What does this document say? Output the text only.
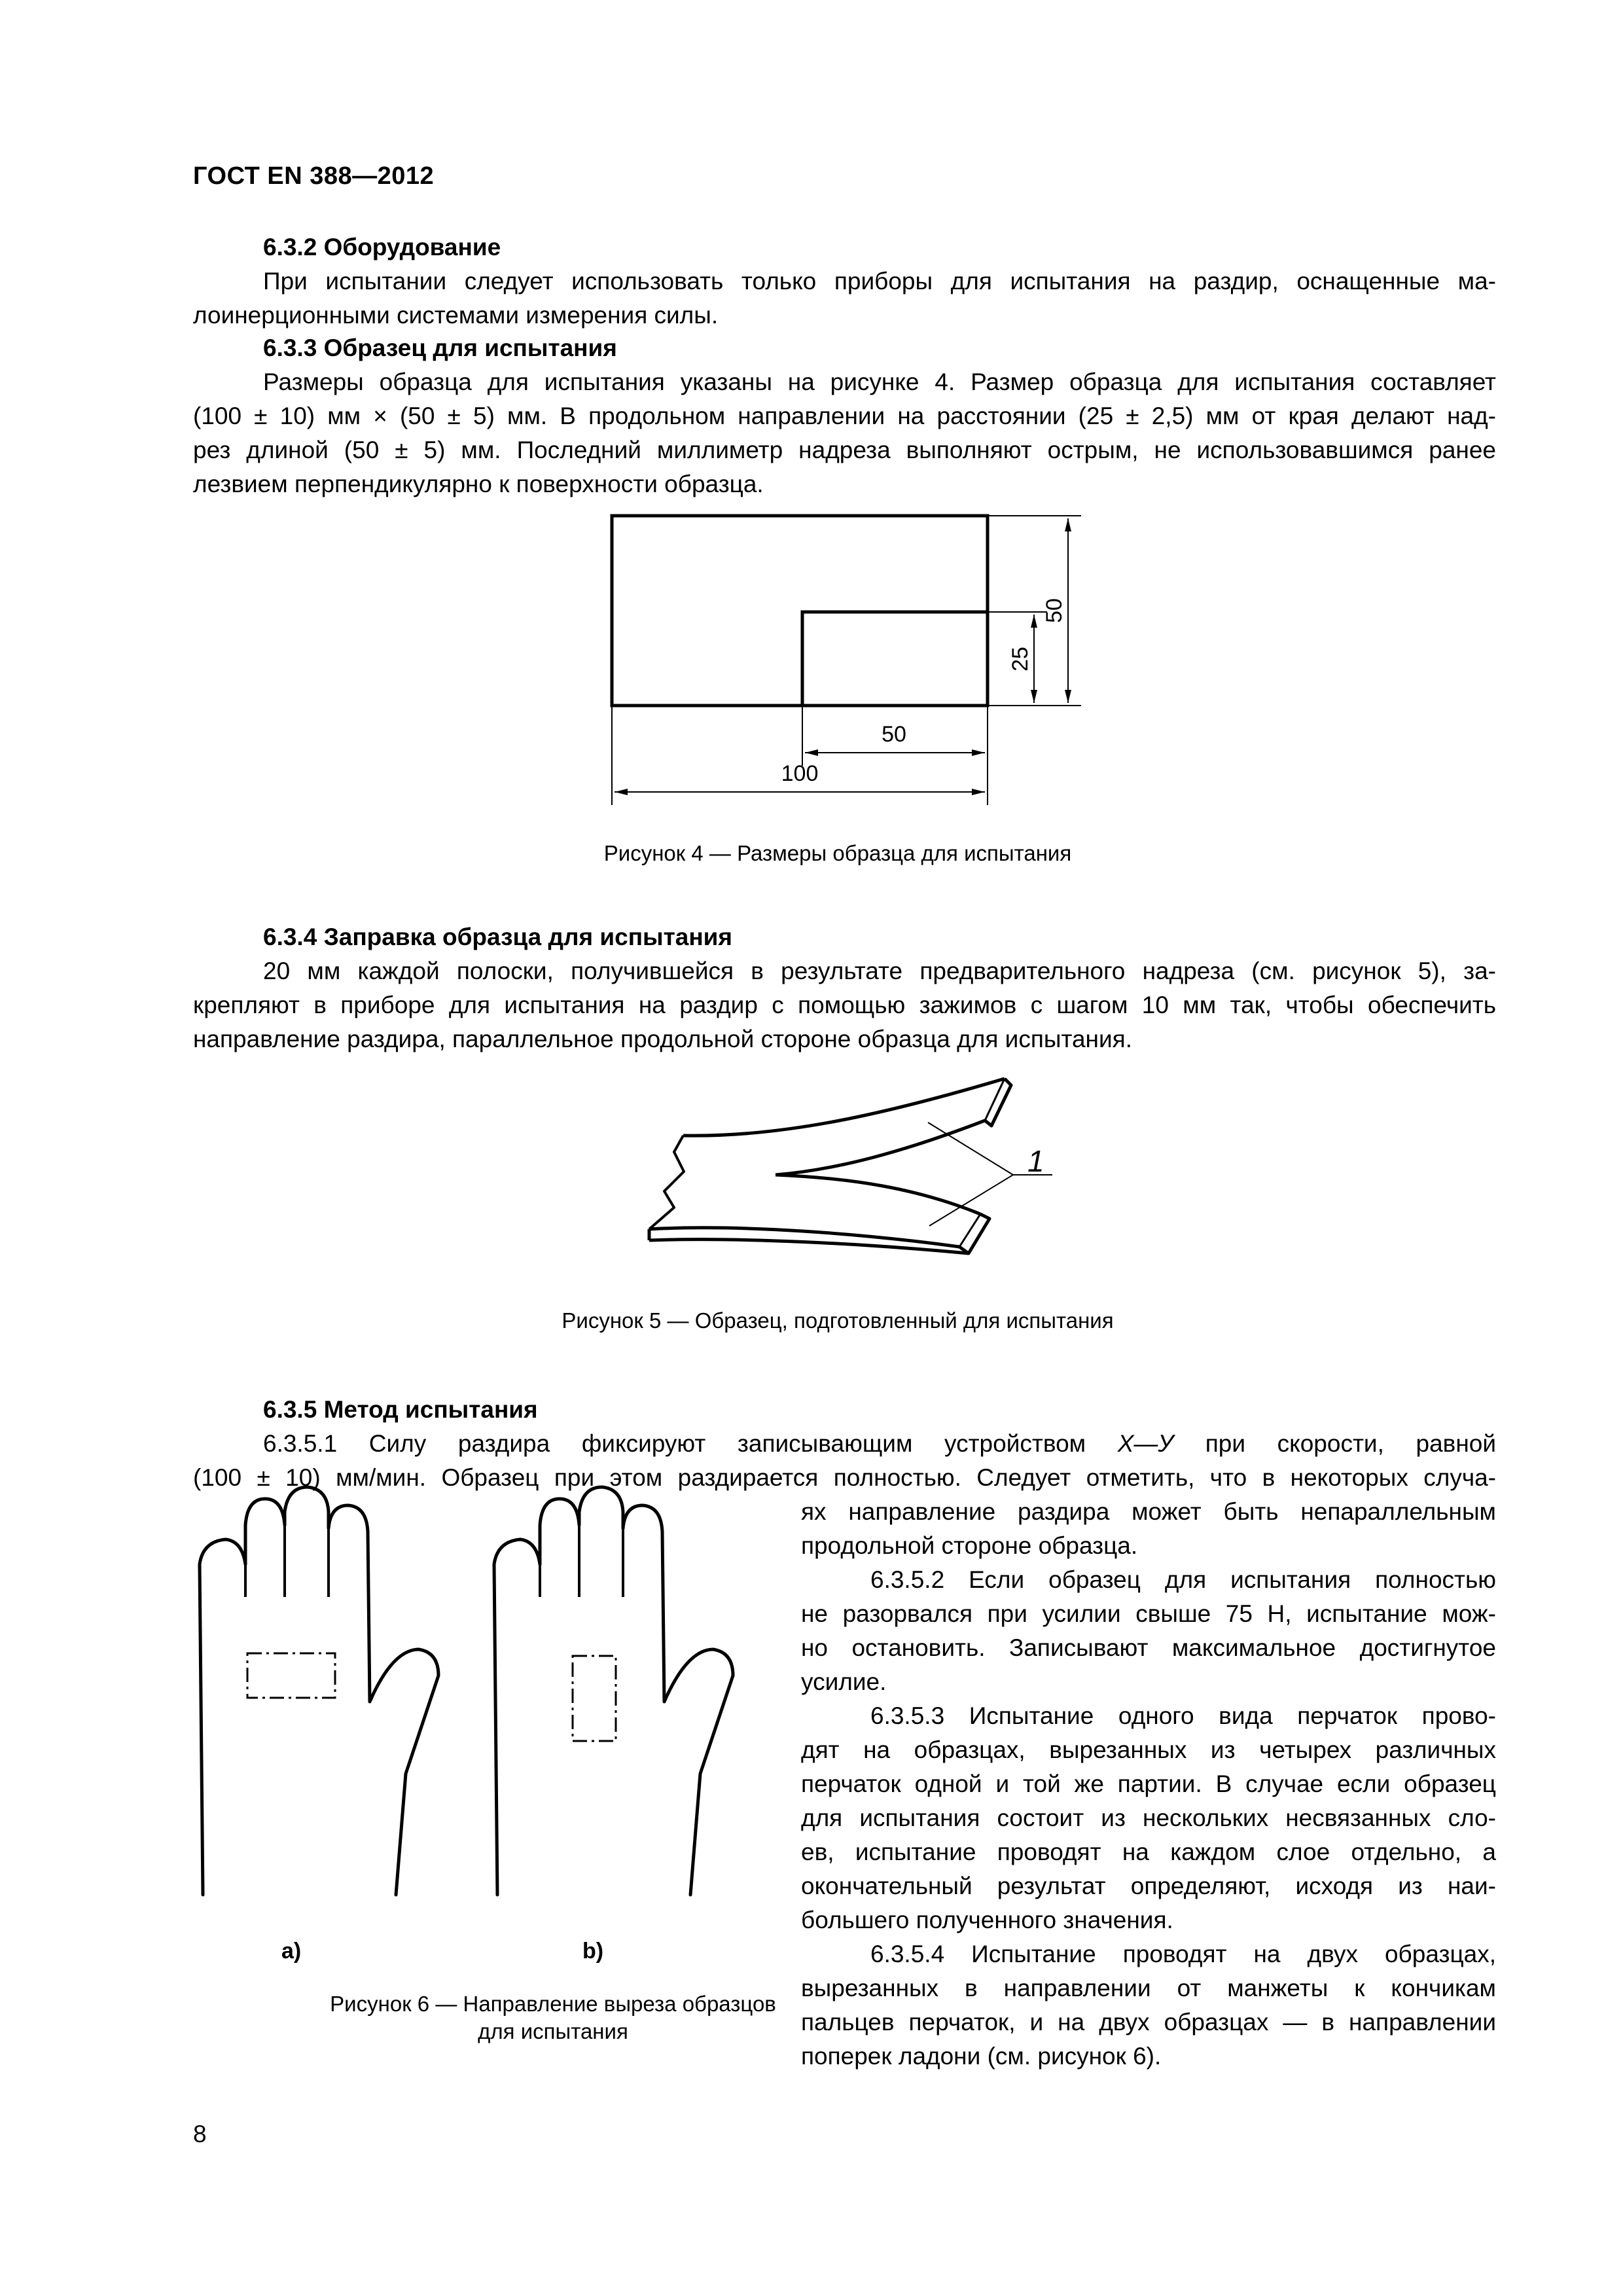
ГОСТ EN 388—2012
6.3.2 Оборудование
При испытании следует использовать только приборы для испытания на раздир, оснащенные ма-
лоинерционными системами измерения силы.
6.3.3 Образец для испытания
Размеры образца для испытания указаны на рисунке 4. Размер образца для испытания составляет
(100 ± 10) мм × (50 ± 5) мм. В продольном направлении на расстоянии (25 ± 2,5) мм от края делают над-
рез длиной (50 ± 5) мм. Последний миллиметр надреза выполняют острым, не использовавшимся ранее
лезвием перпендикулярно к поверхности образца.
50
25
50
100
1
Рисунок 4 — Размеры образца для испытания
6.3.4 Заправка образца для испытания
20 мм каждой полоски, получившейся в результате предварительного надреза (см. рисунок 5), за-
крепляют в приборе для испытания на раздир с помощью зажимов с шагом 10 мм так, чтобы обеспечить
направление раздира, параллельное продольной стороне образца для испытания.
Рисунок 5 — Образец, подготовленный для испытания
6.3.5 Метод испытания
6.3.5.1 Силу раздира фиксируют записывающим устройством Х—У при скорости, равной
(100 ± 10) мм/мин. Образец при этом раздирается полностью. Следует отметить, что в некоторых случа-
ях направление раздира может быть непараллельным
продольной стороне образца.
6.3.5.2 Если образец для испытания полностью
не разорвался при усилии свыше 75 Н, испытание мож-
но остановить. Записывают максимальное достигнутое
усилие.
6.3.5.3 Испытание одного вида перчаток прово-
дят на образцах, вырезанных из четырех различных
перчаток одной и той же партии. В случае если образец
для испытания состоит из нескольких несвязанных сло-
ев, испытание проводят на каждом слое отдельно, а
окончательный результат определяют, исходя из наи-
большего полученного значения.
6.3.5.4 Испытание проводят на двух образцах,
вырезанных в направлении от манжеты к кончикам
пальцев перчаток, и на двух образцах — в направлении
поперек ладони (см. рисунок 6).
a)	b)
Рисунок 6 — Направление выреза образцов
для испытания
8
